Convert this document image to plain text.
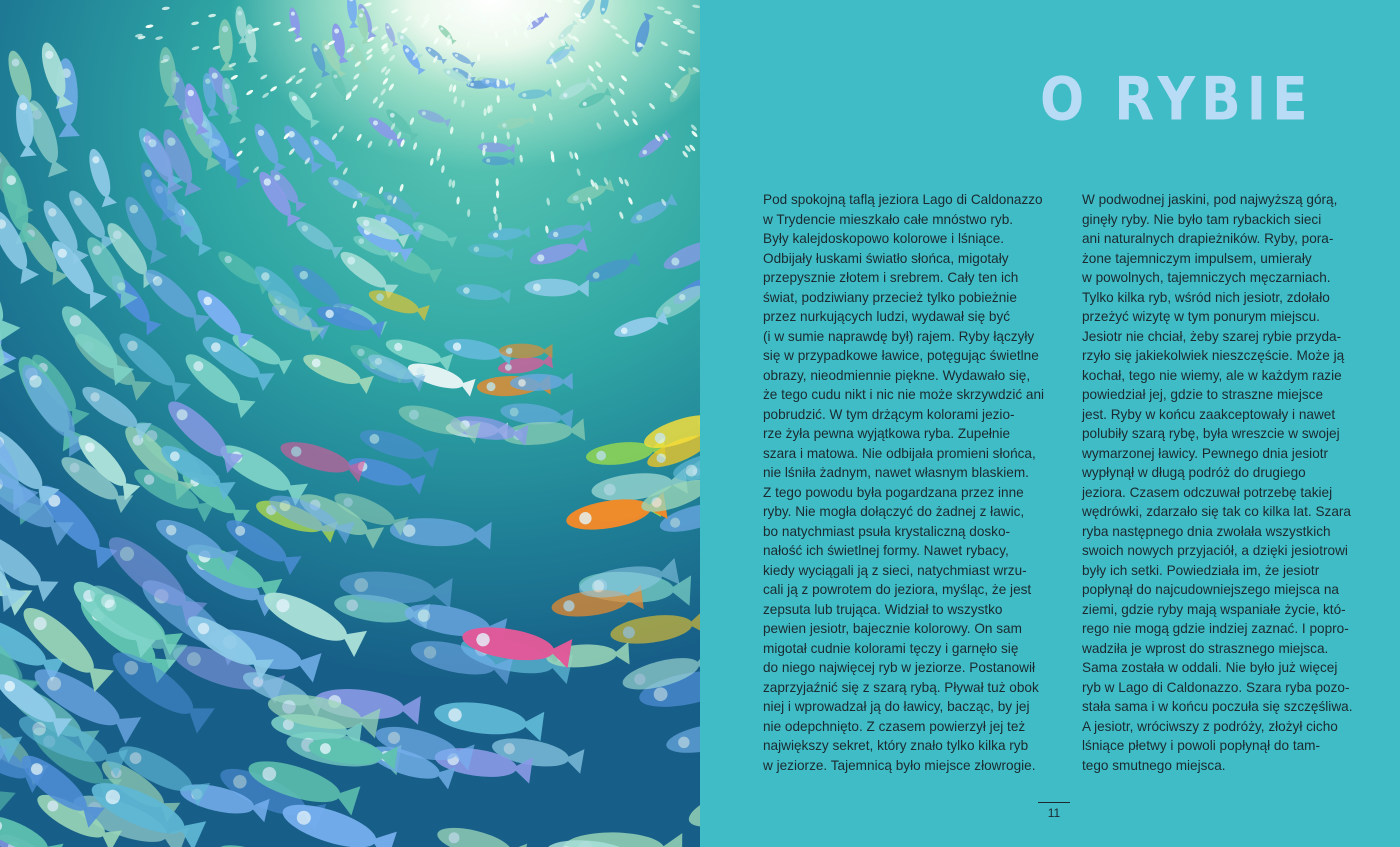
O RYBIE

Pod spokojną taflą jeziora Lago di Caldonazzo
w Trydencie mieszkało całe mnóstwo ryb.
Były kalejdoskopowo kolorowe i lśniące.
Odbijały łuskami światło słońca, migotały
przepysznie złotem i srebrem. Cały ten ich
świat, podziwiany przecież tylko pobieżnie
przez nurkujących ludzi, wydawał się być
(i w sumie naprawdę był) rajem. Ryby łączyły
się w przypadkowe ławice, potęgując świetlne
obrazy, nieodmiennie piękne. Wydawało się,
że tego cudu nikt i nic nie może skrzywdzić ani
pobrudzić. W tym drżącym kolorami jezio-
rze żyła pewna wyjątkowa ryba. Zupełnie
szara i matowa. Nie odbijała promieni słońca,
nie lśniła żadnym, nawet własnym blaskiem.
Z tego powodu była pogardzana przez inne
ryby. Nie mogła dołączyć do żadnej z ławic,
bo natychmiast psuła krystaliczną dosko-
nałość ich świetlnej formy. Nawet rybacy,
kiedy wyciągali ją z sieci, natychmiast wrzu-
cali ją z powrotem do jeziora, myśląc, że jest
zepsuta lub trująca. Widział to wszystko
pewien jesiotr, bajecznie kolorowy. On sam
migotał cudnie kolorami tęczy i garnęło się
do niego najwięcej ryb w jeziorze. Postanowił
zaprzyjaźnić się z szarą rybą. Pływał tuż obok
niej i wprowadzał ją do ławicy, bacząc, by jej
nie odepchnięto. Z czasem powierzył jej też
największy sekret, który znało tylko kilka ryb
w jeziorze. Tajemnicą było miejsce złowrogie.

W podwodnej jaskini, pod najwyższą górą,
ginęły ryby. Nie było tam rybackich sieci
ani naturalnych drapieżników. Ryby, pora-
żone tajemniczym impulsem, umierały
w powolnych, tajemniczych męczarniach.
Tylko kilka ryb, wśród nich jesiotr, zdołało
przeżyć wizytę w tym ponurym miejscu.
Jesiotr nie chciał, żeby szarej rybie przyda-
rzyło się jakiekolwiek nieszczęście. Może ją
kochał, tego nie wiemy, ale w każdym razie
powiedział jej, gdzie to straszne miejsce
jest. Ryby w końcu zaakceptowały i nawet
polubiły szarą rybę, była wreszcie w swojej
wymarzonej ławicy. Pewnego dnia jesiotr
wypłynął w długą podróż do drugiego
jeziora. Czasem odczuwał potrzebę takiej
wędrówki, zdarzało się tak co kilka lat. Szara
ryba następnego dnia zwołała wszystkich
swoich nowych przyjaciół, a dzięki jesiotrowi
były ich setki. Powiedziała im, że jesiotr
popłynął do najcudowniejszego miejsca na
ziemi, gdzie ryby mają wspaniałe życie, któ-
rego nie mogą gdzie indziej zaznać. I popro-
wadziła je wprost do strasznego miejsca.
Sama została w oddali. Nie było już więcej
ryb w Lago di Caldonazzo. Szara ryba pozo-
stała sama i w końcu poczuła się szczęśliwa.
A jesiotr, wróciwszy z podróży, złożył cicho
lśniące płetwy i powoli popłynął do tam-
tego smutnego miejsca.

11
